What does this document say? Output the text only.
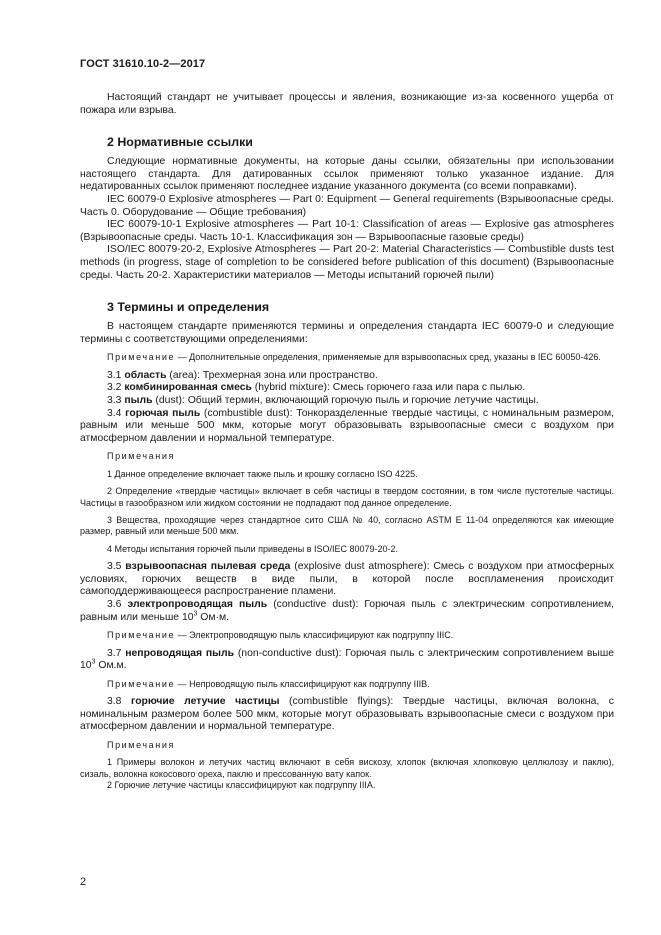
ГОСТ 31610.10-2—2017

Настоящий стандарт не учитывает процессы и явления, возникающие из-за косвенного ущерба от пожара или взрыва.

2 Нормативные ссылки

Следующие нормативные документы, на которые даны ссылки, обязательны при использовании настоящего стандарта. Для датированных ссылок применяют только указанное издание. Для недатированных ссылок применяют последнее издание указанного документа (со всеми поправками).

IEC 60079-0 Explosive atmospheres — Part 0: Equipment — General requirements (Взрывоопасные среды. Часть 0. Оборудование — Общие требования)

IEC 60079-10-1 Explosive atmospheres — Part 10-1: Classification of areas — Explosive gas atmospheres (Взрывоопасные среды. Часть 10-1. Классификация зон — Взрывоопасные газовые среды)

ISO/IEC 80079-20-2, Explosive Atmospheres — Part 20-2: Material Characteristics — Combustible dusts test methods (in progress, stage of completion to be considered before publication of this document) (Взрывоопасные среды. Часть 20-2. Характеристики материалов — Методы испытаний горючей пыли)

3 Термины и определения

В настоящем стандарте применяются термины и определения стандарта IEC 60079-0 и следующие термины с соответствующими определениями:

Примечание — Дополнительные определения, применяемые для взрывоопасных сред, указаны в IEC 60050-426.

3.1 область (area): Трехмерная зона или пространство.

3.2 комбинированная смесь (hybrid mixture): Смесь горючего газа или пара с пылью.

3.3 пыль (dust): Общий термин, включающий горючую пыль и горючие летучие частицы.

3.4 горючая пыль (combustible dust): Тонкоразделенные твердые частицы, с номинальным размером, равным или меньше 500 мкм, которые могут образовывать взрывоопасные смеси с воздухом при атмосферном давлении и нормальной температуре.

Примечания

1 Данное определение включает также пыль и крошку согласно ISO 4225.

2 Определение «твердые частицы» включает в себя частицы в твердом состоянии, в том числе пустотелые частицы. Частицы в газообразном или жидком состоянии не подпадают под данное определение.

3 Вещества, проходящие через стандартное сито США № 40, согласно ASTM E 11-04 определяются как имеющие размер, равный или меньше 500 мкм.

4 Методы испытания горючей пыли приведены в ISO/IEC 80079-20-2.

3.5 взрывоопасная пылевая среда (explosive dust atmosphere): Смесь с воздухом при атмосферных условиях, горючих веществ в виде пыли, в которой после воспламенения происходит самоподдерживающееся распространение пламени.

3.6 электропроводящая пыль (conductive dust): Горючая пыль с электрическим сопротивлением, равным или меньше $10^3$ Ом·м.

Примечание — Электропроводящую пыль классифицируют как подгруппу IIIC.

3.7 непроводящая пыль (non-conductive dust): Горючая пыль с электрическим сопротивлением выше $10^3$ Ом.м.

Примечание — Непроводящую пыль классифицируют как подгруппу IIIB.

3.8 горючие летучие частицы (combustible flyings): Твердые частицы, включая волокна, с номинальным размером более 500 мкм, которые могут образовывать взрывоопасные смеси с воздухом при атмосферном давлении и нормальной температуре.

Примечания

1 Примеры волокон и летучих частиц включают в себя вискозу, хлопок (включая хлопковую целлюлозу и паклю), сизаль, волокна кокосового ореха, паклю и прессованную вату капок.

2 Горючие летучие частицы классифицируют как подгруппу IIIA.

2
